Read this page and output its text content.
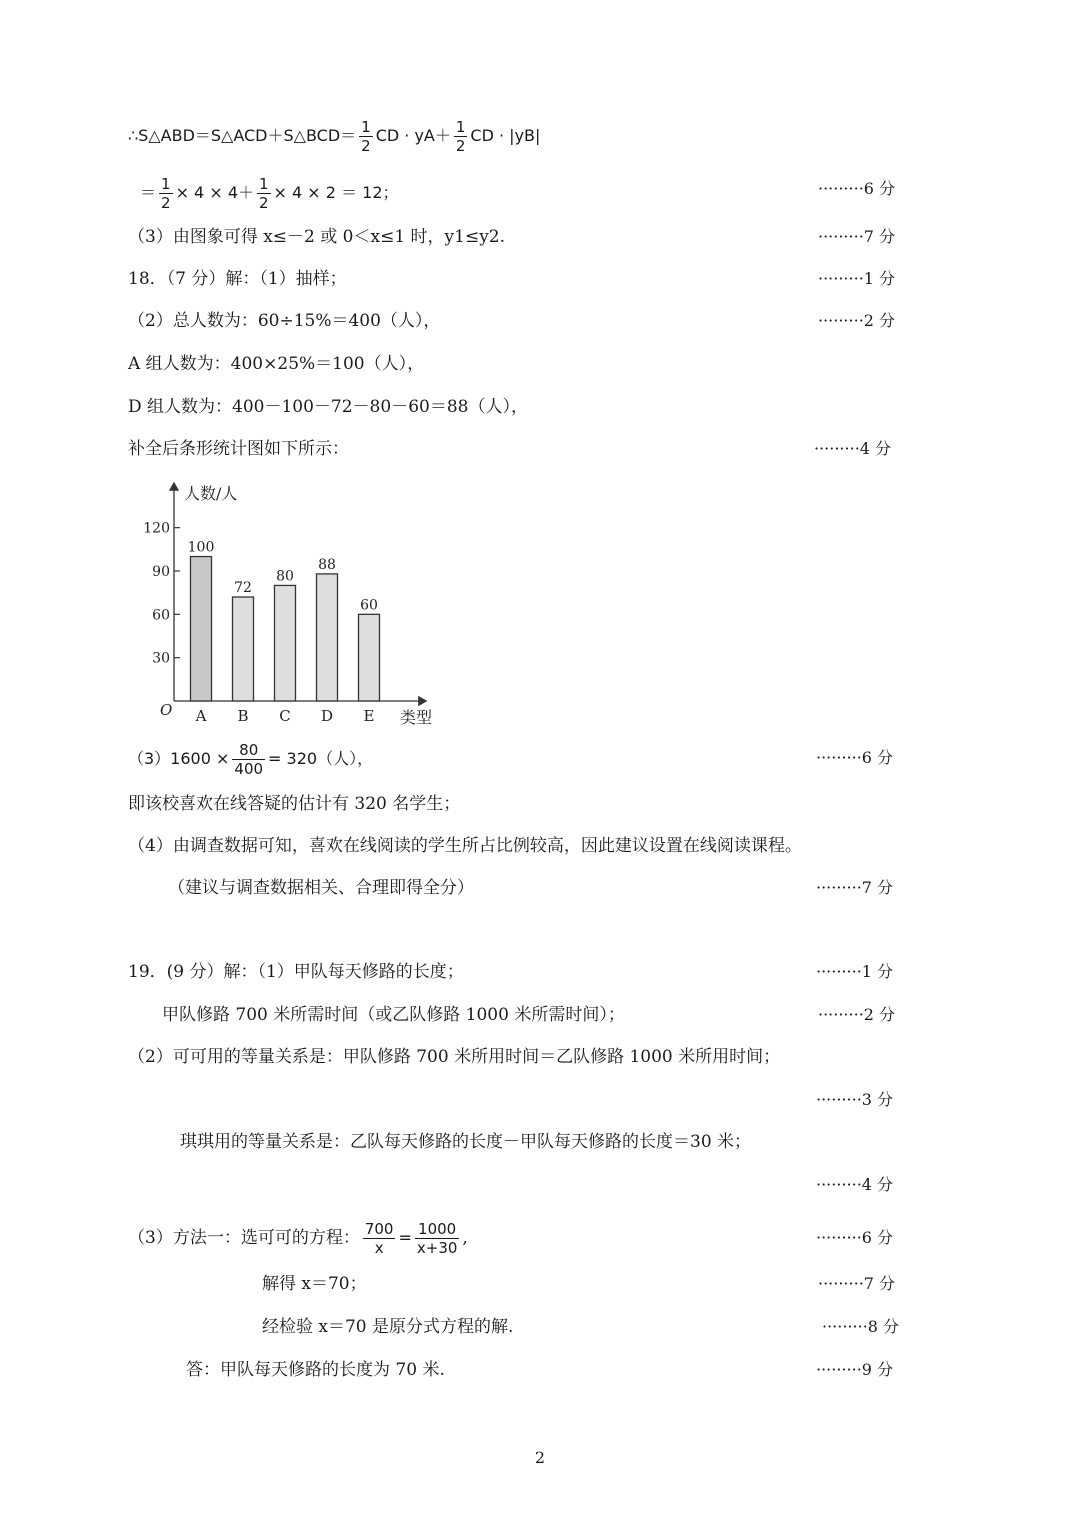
∴S△ABD＝S△ACD＋S△BCD＝ $\frac{1}{2}$ CD · $yA+ \frac{1}{2}$ CD · |yB|
＝ $\frac{1}{2} \times 4 \times 4+ \frac{1}{2} \times 4 \times 2 = 12$；	·········6 分
（3）由图象可得 x≤－2 或 0＜x≤1 时，y1≤y2.	·········7 分
18．（7 分）解：（1）抽样；	·········1 分
（2）总人数为：60÷15%＝400（人），	·········2 分
A 组人数为：400×25%＝100（人），
D 组人数为：400－100－72－80－60＝88（人），
补全后条形统计图如下所示：	·········4 分
人数/人
类型
O
30
60
90
120
100
A
72
B
80
C
88
D
60
E
$(3)1600 \times \frac{80}{400} = 320$（人），	·········6 分
即该校喜欢在线答疑的估计有 320 名学生；
（4）由调查数据可知，喜欢在线阅读的学生所占比例较高，因此建议设置在线阅读课程。
（建议与调查数据相关、合理即得全分）	·········7 分
19．(9 分）解：（1）甲队每天修路的长度；	·········1 分
甲队修路 700 米所需时间（或乙队修路 1000 米所需时间）；	·········2 分
（2）可可用的等量关系是：甲队修路 700 米所用时间＝乙队修路 1000 米所用时间；
·········3 分
琪琪用的等量关系是：乙队每天修路的长度－甲队每天修路的长度＝30 米；
·········4 分
（3）方法一：选可可的方程： $\frac{700}{x} = \frac{1000}{x+30}$ ,	·········6 分
解得 x＝70；	·········7 分
经检验 x＝70 是原分式方程的解.	·········8 分
答：甲队每天修路的长度为 70 米.	·········9 分
2
